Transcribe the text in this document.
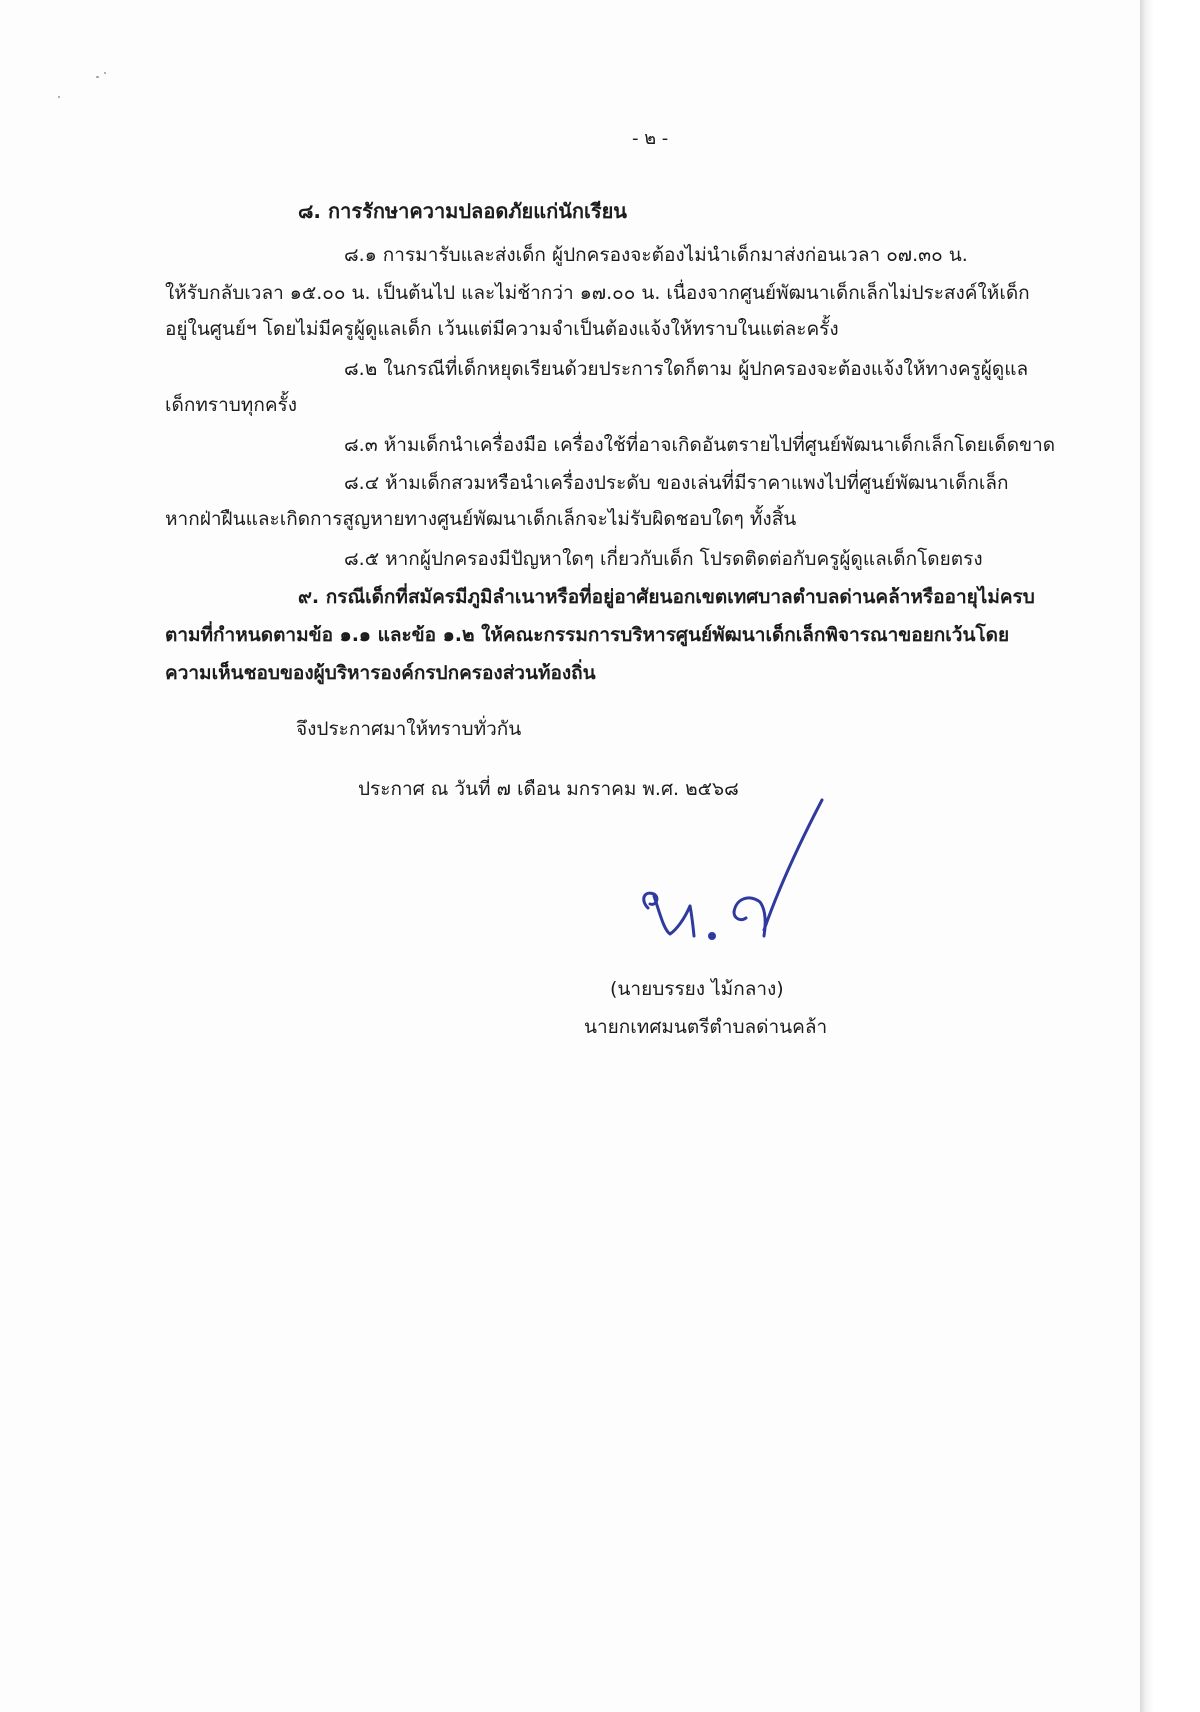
- ๒ -
๘. การรักษาความปลอดภัยแก่นักเรียน
๘.๑ การมารับและส่งเด็ก ผู้ปกครองจะต้องไม่นำเด็กมาส่งก่อนเวลา ๐๗.๓๐ น.
ให้รับกลับเวลา ๑๕.๐๐ น. เป็นต้นไป และไม่ช้ากว่า ๑๗.๐๐ น. เนื่องจากศูนย์พัฒนาเด็กเล็กไม่ประสงค์ให้เด็ก
อยู่ในศูนย์ฯ โดยไม่มีครูผู้ดูแลเด็ก เว้นแต่มีความจำเป็นต้องแจ้งให้ทราบในแต่ละครั้ง
๘.๒ ในกรณีที่เด็กหยุดเรียนด้วยประการใดก็ตาม ผู้ปกครองจะต้องแจ้งให้ทางครูผู้ดูแล
เด็กทราบทุกครั้ง
๘.๓ ห้ามเด็กนำเครื่องมือ เครื่องใช้ที่อาจเกิดอันตรายไปที่ศูนย์พัฒนาเด็กเล็กโดยเด็ดขาด
๘.๔ ห้ามเด็กสวมหรือนำเครื่องประดับ ของเล่นที่มีราคาแพงไปที่ศูนย์พัฒนาเด็กเล็ก
หากฝ่าฝืนและเกิดการสูญหายทางศูนย์พัฒนาเด็กเล็กจะไม่รับผิดชอบใดๆ ทั้งสิ้น
๘.๕ หากผู้ปกครองมีปัญหาใดๆ เกี่ยวกับเด็ก โปรดติดต่อกับครูผู้ดูแลเด็กโดยตรง
๙. กรณีเด็กที่สมัครมีภูมิลำเนาหรือที่อยู่อาศัยนอกเขตเทศบาลตำบลด่านคล้าหรืออายุไม่ครบ
ตามที่กำหนดตามข้อ ๑.๑ และข้อ ๑.๒ ให้คณะกรรมการบริหารศูนย์พัฒนาเด็กเล็กพิจารณาขอยกเว้นโดย
ความเห็นชอบของผู้บริหารองค์กรปกครองส่วนท้องถิ่น
จึงประกาศมาให้ทราบทั่วกัน
ประกาศ ณ วันที่ ๗ เดือน มกราคม พ.ศ. ๒๕๖๘
(นายบรรยง ไม้กลาง)
นายกเทศมนตรีตำบลด่านคล้า
